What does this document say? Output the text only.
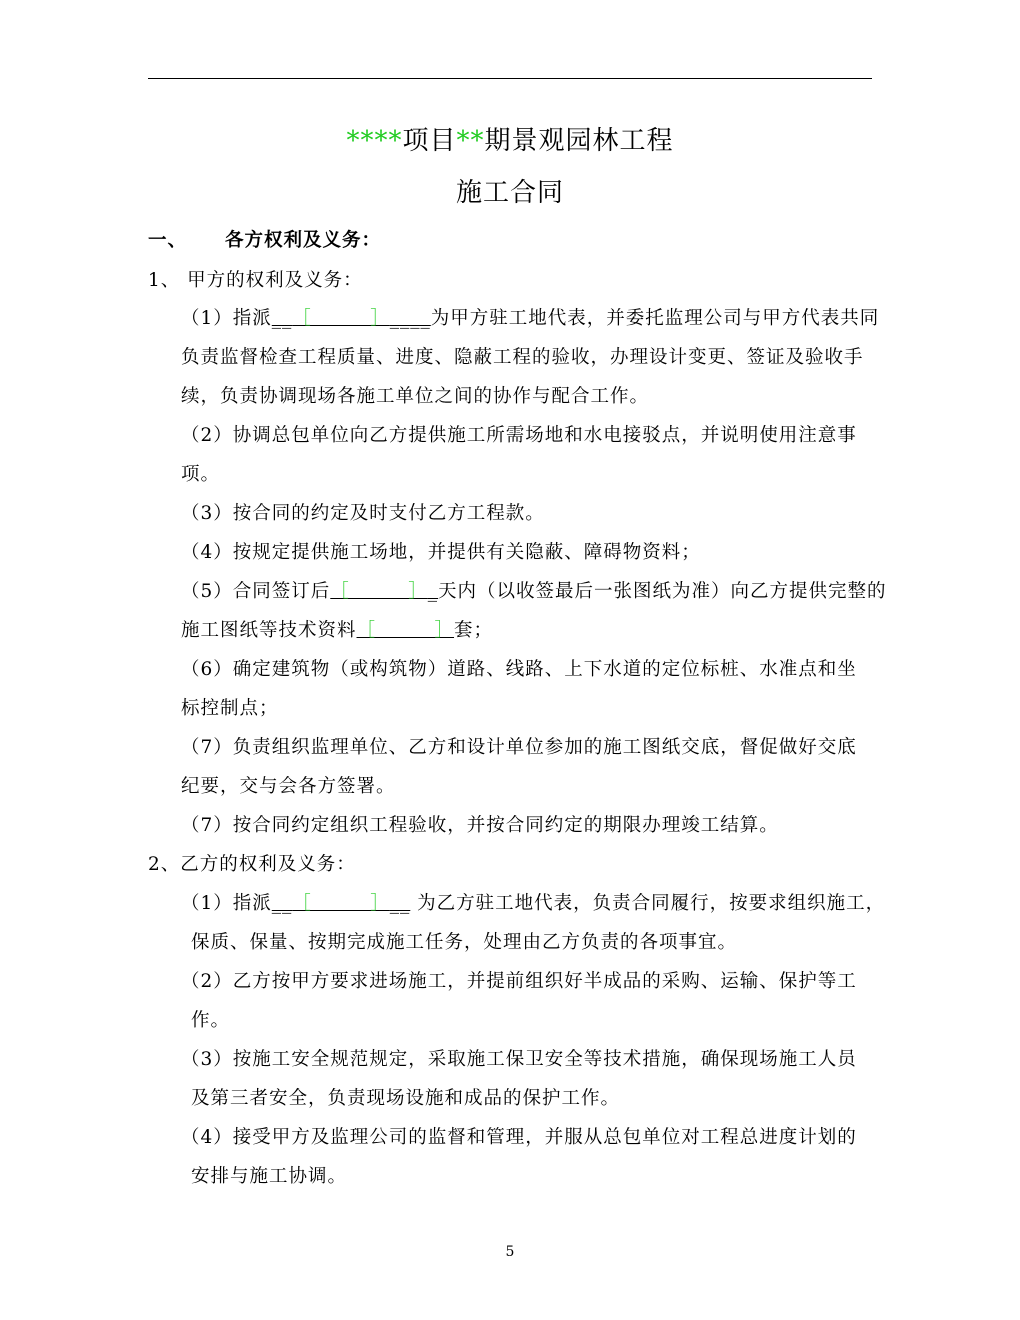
****项目**期景观园林工程
施工合同
一、 各方权利及义务：
1、 甲方的权利及义务：
（1）指派__［　　　］____为甲方驻工地代表，并委托监理公司与甲方代表共同
负责监督检查工程质量、进度、隐蔽工程的验收，办理设计变更、签证及验收手
续，负责协调现场各施工单位之间的协作与配合工作。
（2）协调总包单位向乙方提供施工所需场地和水电接驳点，并说明使用注意事
项。
（3）按合同的约定及时支付乙方工程款。
（4）按规定提供施工场地，并提供有关隐蔽、障碍物资料；
（5）合同签订后［　　　］_天内（以收签最后一张图纸为准）向乙方提供完整的
施工图纸等技术资料［　　　］套；
（6）确定建筑物（或构筑物）道路、线路、上下水道的定位标桩、水准点和坐
标控制点；
（7）负责组织监理单位、乙方和设计单位参加的施工图纸交底，督促做好交底
纪要，交与会各方签署。
（7）按合同约定组织工程验收，并按合同约定的期限办理竣工结算。
2、乙方的权利及义务：
（1）指派__［　　　］__ 为乙方驻工地代表，负责合同履行，按要求组织施工，
保质、保量、按期完成施工任务，处理由乙方负责的各项事宜。
（2）乙方按甲方要求进场施工，并提前组织好半成品的采购、运输、保护等工
作。
（3）按施工安全规范规定，采取施工保卫安全等技术措施，确保现场施工人员
及第三者安全，负责现场设施和成品的保护工作。
（4）接受甲方及监理公司的监督和管理，并服从总包单位对工程总进度计划的
安排与施工协调。
5
